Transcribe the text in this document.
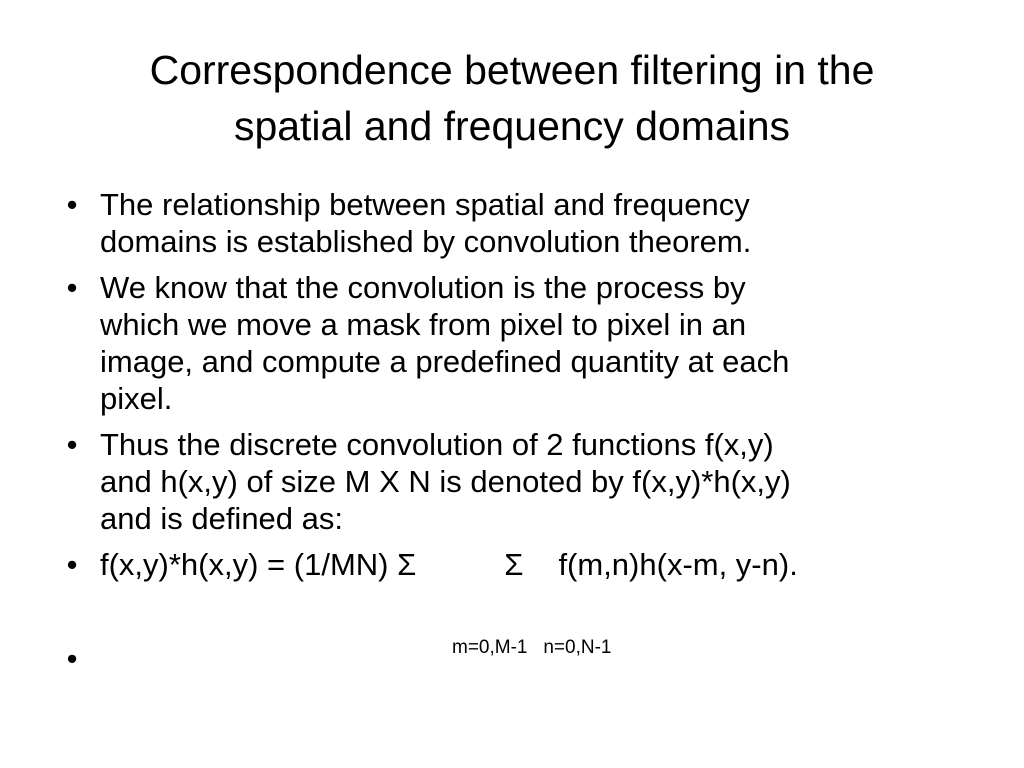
Correspondence between filtering in the
spatial and frequency domains
• The relationship between spatial and frequency
domains is established by convolution theorem.
• We know that the convolution is the process by
which we move a mask from pixel to pixel in an
image, and compute a predefined quantity at each
pixel.
• Thus the discrete convolution of 2 functions f(x,y)
and h(x,y) of size M X N is denoted by f(x,y)*h(x,y)
and is defined as:
• f(x,y)*h(x,y) = (1/MN) Σ	Σ f(m,n)h(x-m, y-n).
•	m=0,M-1 n=0,N-1
